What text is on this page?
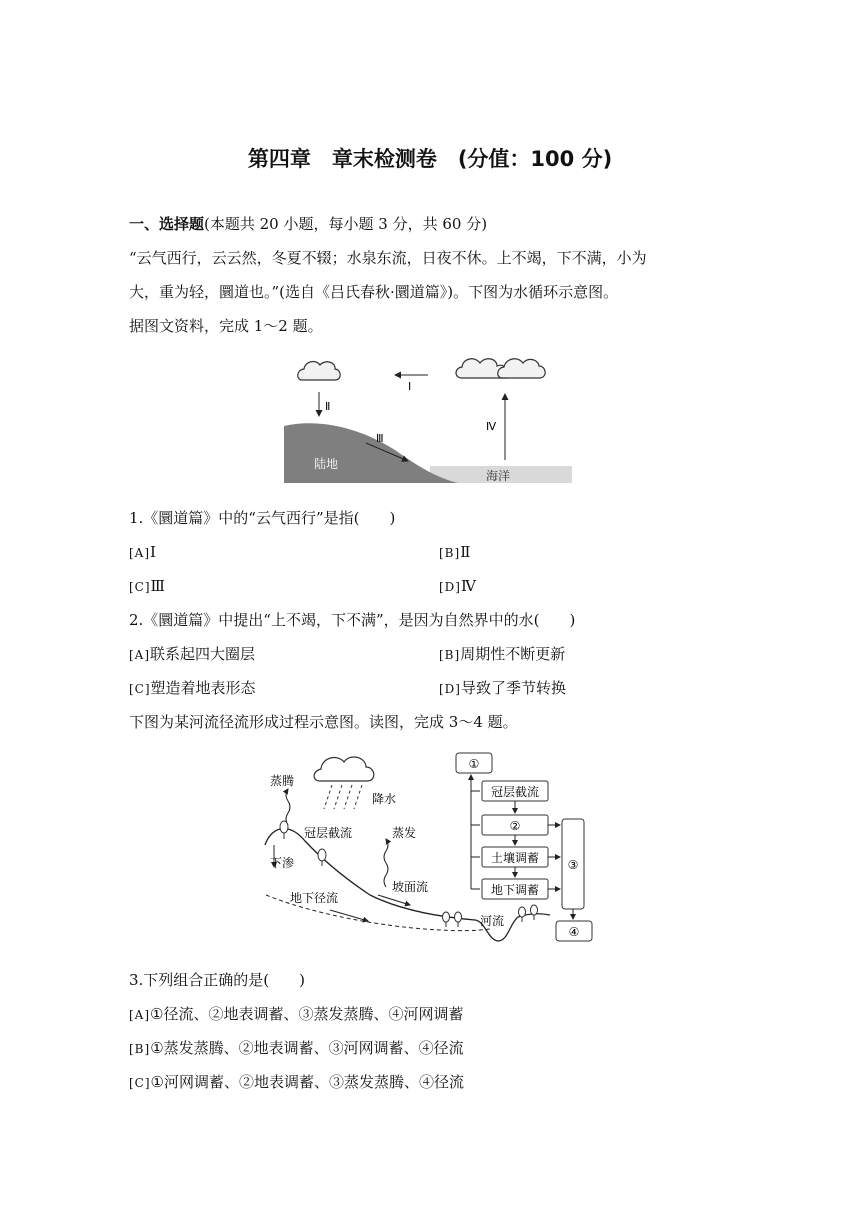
第四章　章末检测卷　(分值：100 分)
一、选择题(本题共 20 小题，每小题 3 分，共 60 分)
“云气西行，云云然，冬夏不辍；水泉东流，日夜不休。上不竭，下不满，小为
大，重为轻，圜道也。”(选自《吕氏春秋·圜道篇》)。下图为水循环示意图。
据图文资料，完成 1～2 题。
Ⅰ
Ⅱ
Ⅲ
Ⅳ
陆地
海洋
1.《圜道篇》中的“云气西行”是指(　　)
[A]Ⅰ	[B]Ⅱ
[C]Ⅲ	[D]Ⅳ
2.《圜道篇》中提出“上不竭，下不满”，是因为自然界中的水(　　)
[A]联系起四大圈层	[B]周期性不断更新
[C]塑造着地表形态	[D]导致了季节转换
下图为某河流径流形成过程示意图。读图，完成 3～4 题。
降水
蒸腾
冠层截流
下渗
蒸发
坡面流
地下径流
河流
①
冠层截流
②
土壤调蓄
地下调蓄
③
④
3.下列组合正确的是(　　)
[A]①径流、②地表调蓄、③蒸发蒸腾、④河网调蓄
[B]①蒸发蒸腾、②地表调蓄、③河网调蓄、④径流
[C]①河网调蓄、②地表调蓄、③蒸发蒸腾、④径流
